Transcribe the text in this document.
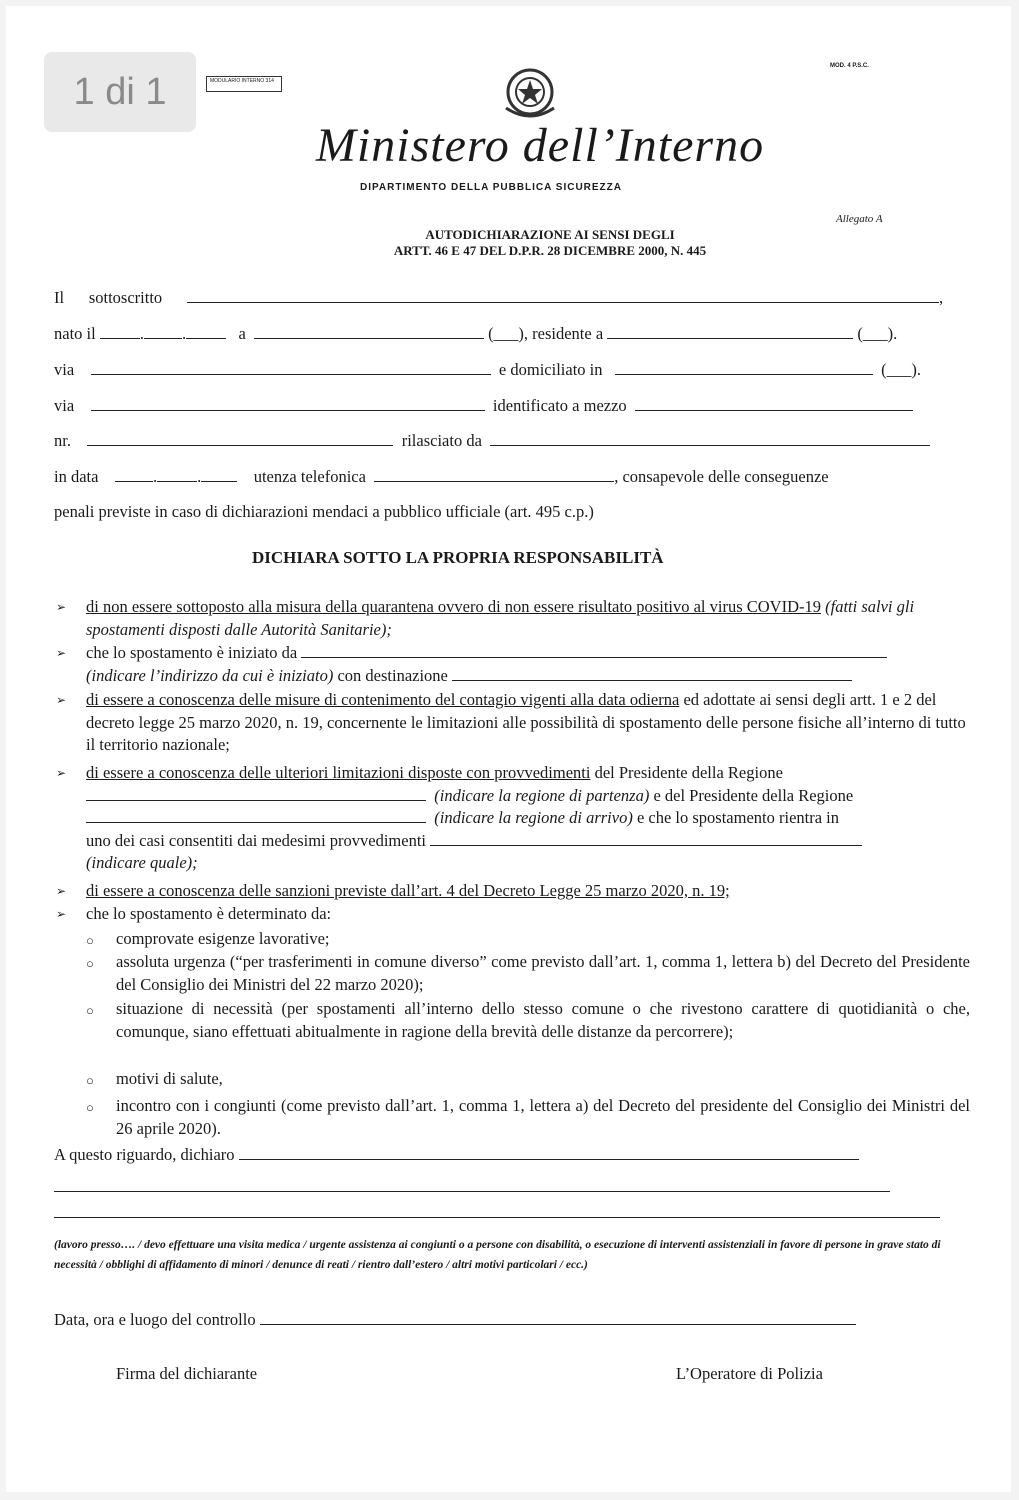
1 di 1	MODULARIO INTERNO 314
MOD. 4 P.S.C.
Ministero dell’Interno
DIPARTIMENTO DELLA PUBBLICA SICUREZZA
Allegato A
AUTODICHIARAZIONE AI SENSI DEGLI
ARTT. 46 E 47 DEL D.P.R. 28 DICEMBRE 2000, N. 445
Il sottoscritto	,
nato il	. .	a	(___), residente a	(___).
via	e domiciliato in	(___).
via	identificato a mezzo
nr.	rilasciato da
in data	. .	utenza telefonica	, consapevole delle conseguenze
penali previste in caso di dichiarazioni mendaci a pubblico ufficiale (art. 495 c.p.)
DICHIARA SOTTO LA PROPRIA RESPONSABILITÀ
➢ di non essere sottoposto alla misura della quarantena ovvero di non essere risultato positivo al virus COVID-19 (fatti salvi gli spostamenti disposti dalle Autorità Sanitarie);
➢ che lo spostamento è iniziato da
(indicare l’indirizzo da cui è iniziato) con destinazione
➢ di essere a conoscenza delle misure di contenimento del contagio vigenti alla data odierna ed adottate ai sensi degli artt. 1 e 2 del decreto legge 25 marzo 2020, n. 19, concernente le limitazioni alle possibilità di spostamento delle persone fisiche all’interno di tutto il territorio nazionale;
➢ di essere a conoscenza delle ulteriori limitazioni disposte con provvedimenti del Presidente della Regione
(indicare la regione di partenza) e del Presidente della Regione
(indicare la regione di arrivo) e che lo spostamento rientra in
uno dei casi consentiti dai medesimi provvedimenti
(indicare quale);
➢ di essere a conoscenza delle sanzioni previste dall’art. 4 del Decreto Legge 25 marzo 2020, n. 19;
➢ che lo spostamento è determinato da:
○ comprovate esigenze lavorative;
○ assoluta urgenza (“per trasferimenti in comune diverso” come previsto dall’art. 1, comma 1, lettera b) del Decreto del Presidente del Consiglio dei Ministri del 22 marzo 2020);
○ situazione di necessità (per spostamenti all’interno dello stesso comune o che rivestono carattere di quotidianità o che, comunque, siano effettuati abitualmente in ragione della brevità delle distanze da percorrere);
○ motivi di salute,
○ incontro con i congiunti (come previsto dall’art. 1, comma 1, lettera a) del Decreto del presidente del Consiglio dei Ministri del 26 aprile 2020).
A questo riguardo, dichiaro
(lavoro presso…. / devo effettuare una visita medica / urgente assistenza ai congiunti o a persone con disabilità, o esecuzione di interventi assistenziali in favore di persone in grave stato di necessità / obblighi di affidamento di minori / denunce di reati / rientro dall’estero / altri motivi particolari / ecc.)
Data, ora e luogo del controllo
Firma del dichiarante	L’Operatore di Polizia
